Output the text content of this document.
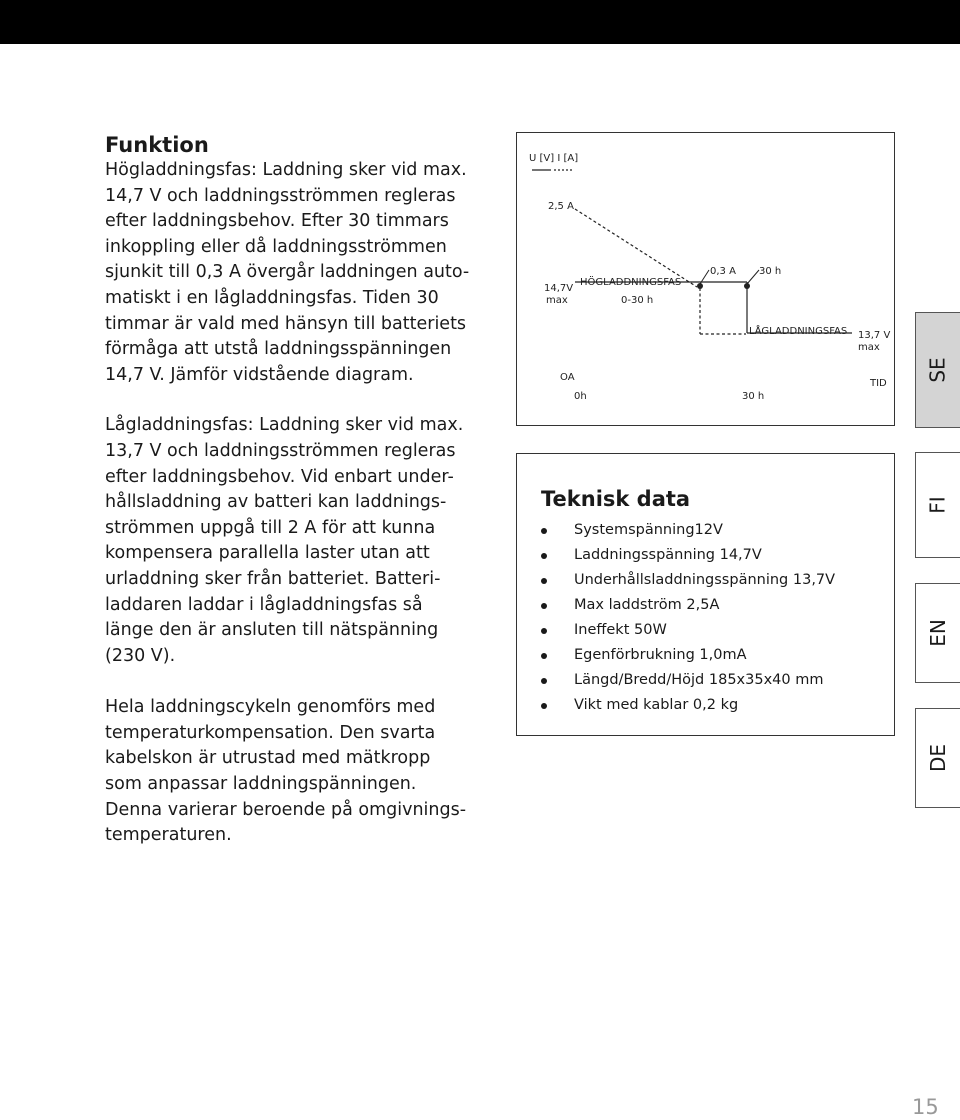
Funktion

Högladdningsfas: Laddning sker vid max.
14,7 V och laddningsströmmen regleras
efter laddningsbehov. Efter 30 timmars
inkoppling eller då laddningsströmmen
sjunkit till 0,3 A övergår laddningen auto-
matiskt i en lågladdningsfas. Tiden 30
timmar är vald med hänsyn till batteriets
förmåga att utstå laddningsspänningen
14,7 V. Jämför vidstående diagram.

Lågladdningsfas: Laddning sker vid max.
13,7 V och laddningsströmmen regleras
efter laddningsbehov. Vid enbart under-
hållsladdning av batteri kan laddnings-
strömmen uppgå till 2 A för att kunna
kompensera parallella laster utan att
urladdning sker från batteriet. Batteri-
laddaren laddar i lågladdningsfas så
länge den är ansluten till nätspänning
(230 V).

Hela laddningscykeln genomförs med
temperaturkompensation. Den svarta
kabelskon är utrustad med mätkropp
som anpassar laddningspänningen.
Denna varierar beroende på omgivnings-
temperaturen.

U [V] I [A]
2,5 A
14,7V
max
HÖGLADDNINGSFAS
0-30 h
0,3 A 30 h
LÅGLADDNINGSFAS 13,7 V
max
OA
0h	30 h
TID
Teknisk data
Systemspänning12V
Laddningsspänning 14,7V
Underhållsladdningsspänning 13,7V
Max laddström 2,5A
Ineffekt 50W
Egenförbrukning 1,0mA
Längd/Bredd/Höjd 185x35x40 mm
Vikt med kablar 0,2 kg
SE
FI
EN
DE
15
